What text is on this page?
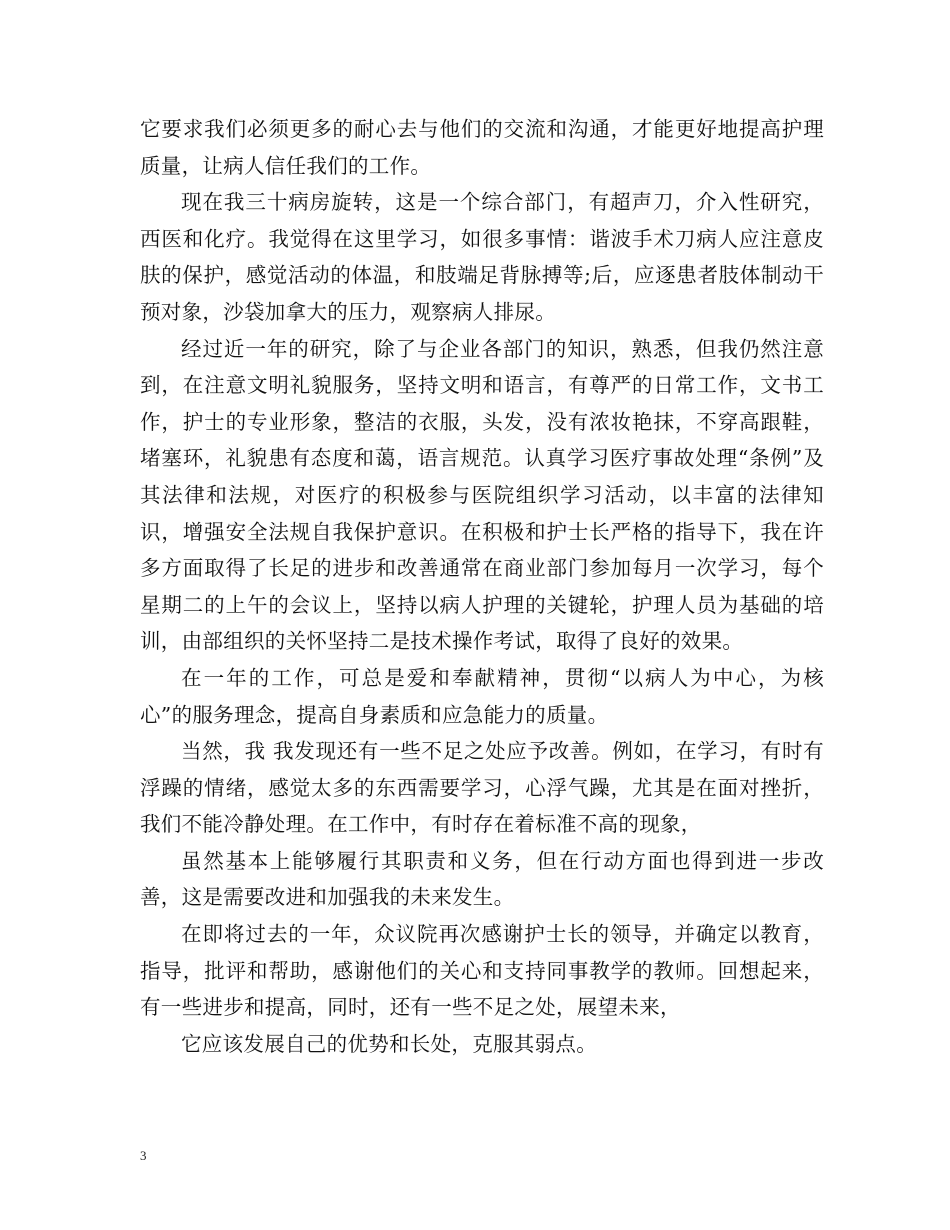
它要求我们必须更多的耐心去与他们的交流和沟通，才能更好地提高护理质量，让病人信任我们的工作。

现在我三十病房旋转，这是一个综合部门，有超声刀，介入性研究，西医和化疗。我觉得在这里学习，如很多事情：谐波手术刀病人应注意皮肤的保护，感觉活动的体温，和肢端足背脉搏等;后，应逐患者肢体制动干预对象，沙袋加拿大的压力，观察病人排尿。

经过近一年的研究，除了与企业各部门的知识，熟悉，但我仍然注意到，在注意文明礼貌服务，坚持文明和语言，有尊严的日常工作，文书工作，护士的专业形象，整洁的衣服，头发，没有浓妆艳抹，不穿高跟鞋，堵塞环，礼貌患有态度和蔼，语言规范。认真学习医疗事故处理“条例”及其法律和法规，对医疗的积极参与医院组织学习活动，以丰富的法律知识，增强安全法规自我保护意识。在积极和护士长严格的指导下，我在许多方面取得了长足的进步和改善通常在商业部门参加每月一次学习，每个星期二的上午的会议上，坚持以病人护理的关键轮，护理人员为基础的培训，由部组织的关怀坚持二是技术操作考试，取得了良好的效果。

在一年的工作，可总是爱和奉献精神，贯彻“以病人为中心，为核心”的服务理念，提高自身素质和应急能力的质量。

当然，我 我发现还有一些不足之处应予改善。例如，在学习，有时有浮躁的情绪，感觉太多的东西需要学习，心浮气躁，尤其是在面对挫折，我们不能冷静处理。在工作中，有时存在着标准不高的现象，

虽然基本上能够履行其职责和义务，但在行动方面也得到进一步改善，这是需要改进和加强我的未来发生。

在即将过去的一年，众议院再次感谢护士长的领导，并确定以教育，指导，批评和帮助，感谢他们的关心和支持同事教学的教师。回想起来，有一些进步和提高，同时，还有一些不足之处，展望未来，

它应该发展自己的优势和长处，克服其弱点。

3
